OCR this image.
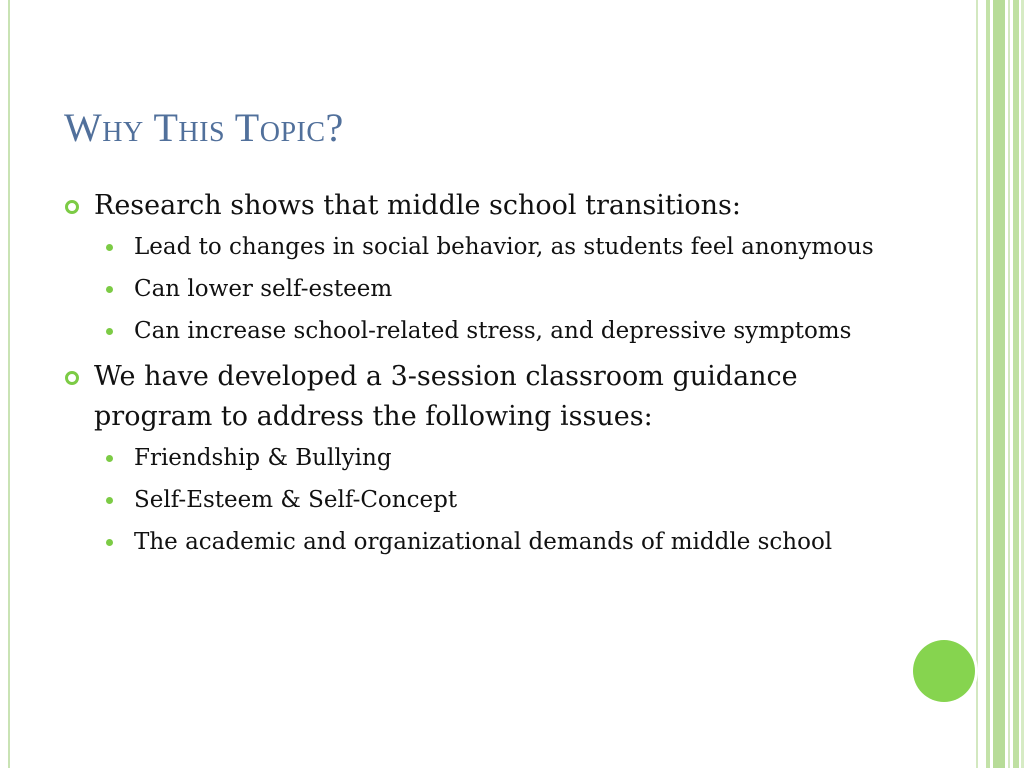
Why This Topic?
Research shows that middle school transitions:
Lead to changes in social behavior, as students feel anonymous
Can lower self-esteem
Can increase school-related stress, and depressive symptoms
We have developed a 3-session classroom guidance program to address the following issues:
Friendship & Bullying
Self-Esteem & Self-Concept
The academic and organizational demands of middle school
